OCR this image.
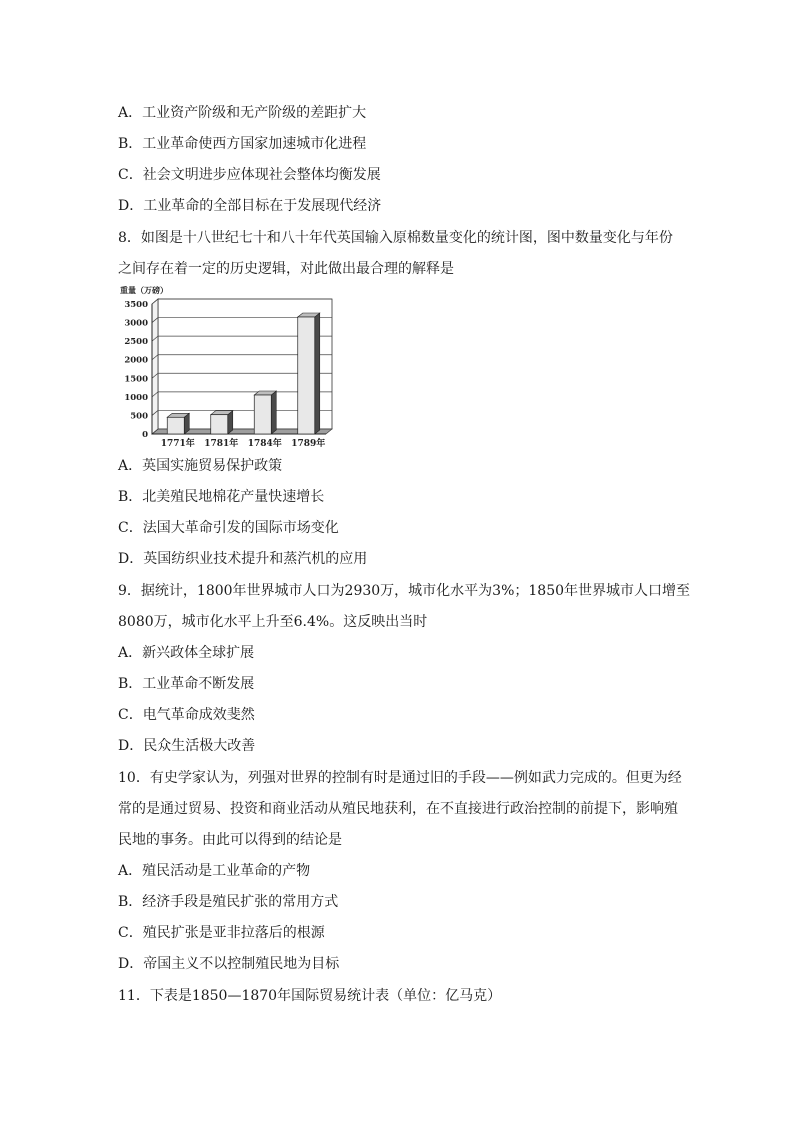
A．工业资产阶级和无产阶级的差距扩大
B．工业革命使西方国家加速城市化进程
C．社会文明进步应体现社会整体均衡发展
D．工业革命的全部目标在于发展现代经济
8．如图是十八世纪七十和八十年代英国输入原棉数量变化的统计图，图中数量变化与年份
之间存在着一定的历史逻辑，对此做出最合理的解释是
重量（万磅）
0
500
1000
1500
2000
2500
3000
3500
1771年 1781年 1784年 1789年
A．英国实施贸易保护政策
B．北美殖民地棉花产量快速增长
C．法国大革命引发的国际市场变化
D．英国纺织业技术提升和蒸汽机的应用
9．据统计，1800年世界城市人口为2930万，城市化水平为3%；1850年世界城市人口增至
8080万，城市化水平上升至6.4%。这反映出当时
A．新兴政体全球扩展
B．工业革命不断发展
C．电气革命成效斐然
D．民众生活极大改善
10．有史学家认为，列强对世界的控制有时是通过旧的手段——例如武力完成的。但更为经
常的是通过贸易、投资和商业活动从殖民地获利，在不直接进行政治控制的前提下，影响殖
民地的事务。由此可以得到的结论是
A．殖民活动是工业革命的产物
B．经济手段是殖民扩张的常用方式
C．殖民扩张是亚非拉落后的根源
D．帝国主义不以控制殖民地为目标
11．下表是1850—1870年国际贸易统计表（单位：亿马克）
